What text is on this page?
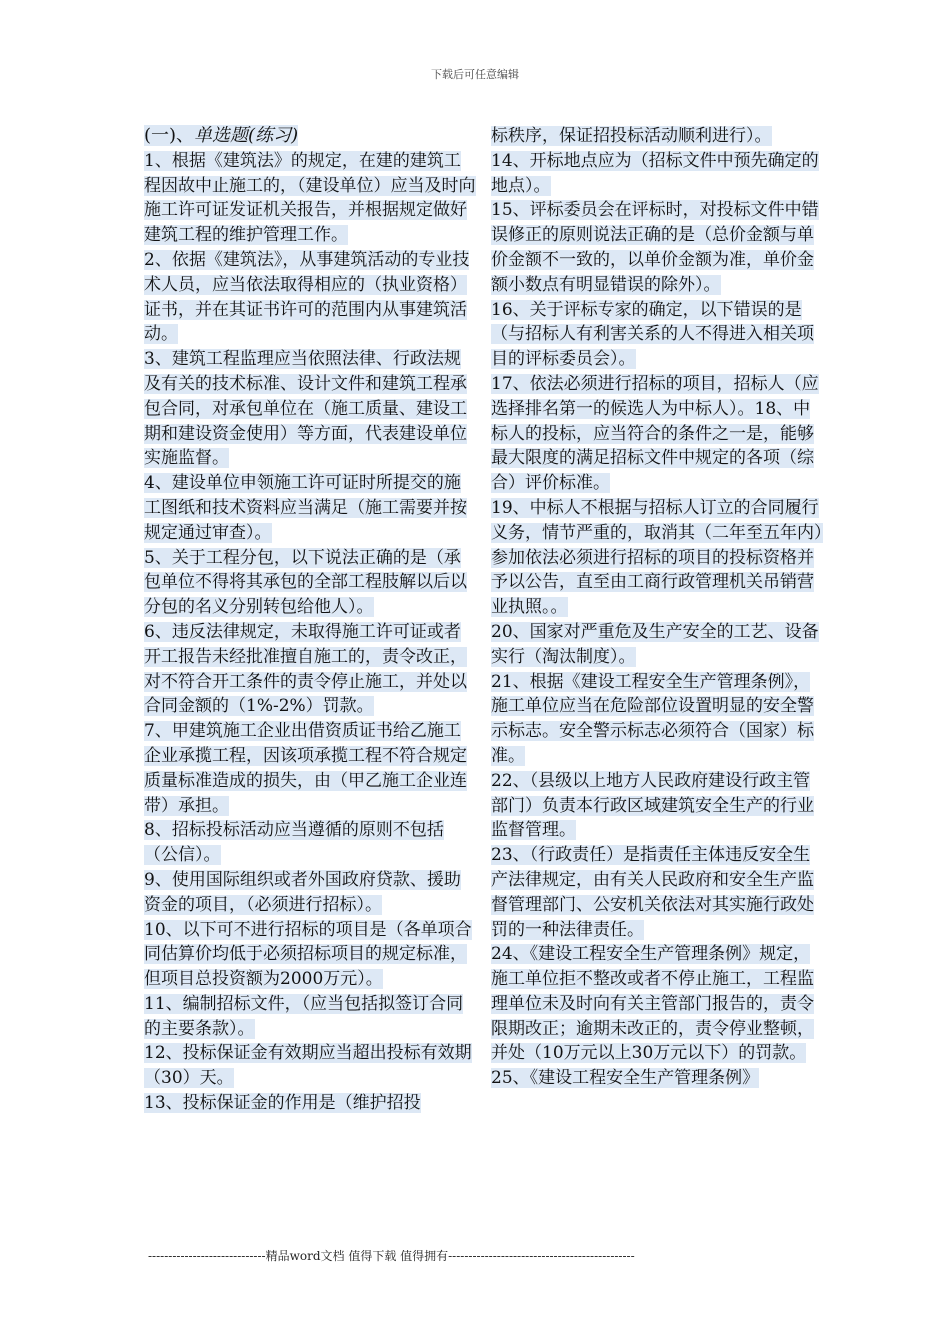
下载后可任意编辑

(一)、单选题(练习)

1、根据《建筑法》的规定，在建的建筑工程因故中止施工的，（建设单位）应当及时向施工许可证发证机关报告，并根据规定做好建筑工程的维护管理工作。

2、依据《建筑法》，从事建筑活动的专业技术人员，应当依法取得相应的（执业资格）证书，并在其证书许可的范围内从事建筑活动。

3、建筑工程监理应当依照法律、行政法规及有关的技术标准、设计文件和建筑工程承包合同，对承包单位在（施工质量、建设工期和建设资金使用）等方面，代表建设单位实施监督。

4、建设单位申领施工许可证时所提交的施工图纸和技术资料应当满足（施工需要并按规定通过审查）。

5、关于工程分包，以下说法正确的是（承包单位不得将其承包的全部工程肢解以后以分包的名义分别转包给他人）。

6、违反法律规定，未取得施工许可证或者开工报告未经批准擅自施工的，责令改正，对不符合开工条件的责令停止施工，并处以合同金额的（1%-2%）罚款。

7、甲建筑施工企业出借资质证书给乙施工企业承揽工程，因该项承揽工程不符合规定质量标准造成的损失，由（甲乙施工企业连带）承担。

8、招标投标活动应当遵循的原则不包括（公信）。

9、使用国际组织或者外国政府贷款、援助资金的项目，（必须进行招标）。

10、以下可不进行招标的项目是（各单项合同估算价均低于必须招标项目的规定标准，但项目总投资额为2000万元）。

11、编制招标文件，（应当包括拟签订合同的主要条款）。

12、投标保证金有效期应当超出投标有效期（30）天。

13、投标保证金的作用是（维护招投

标秩序，保证招投标活动顺利进行）。

14、开标地点应为（招标文件中预先确定的地点）。

15、评标委员会在评标时，对投标文件中错误修正的原则说法正确的是（总价金额与单价金额不一致的，以单价金额为准，单价金额小数点有明显错误的除外）。

16、关于评标专家的确定，以下错误的是（与招标人有利害关系的人不得进入相关项目的评标委员会）。

17、依法必须进行招标的项目，招标人（应选择排名第一的候选人为中标人）。18、中标人的投标，应当符合的条件之一是，能够最大限度的满足招标文件中规定的各项（综合）评价标准。

19、中标人不根据与招标人订立的合同履行义务，情节严重的，取消其（二年至五年内）参加依法必须进行招标的项目的投标资格并予以公告，直至由工商行政管理机关吊销营业执照。。

20、国家对严重危及生产安全的工艺、设备实行（淘汰制度）。

21、根据《建设工程安全生产管理条例》，施工单位应当在危险部位设置明显的安全警示标志。安全警示标志必须符合（国家）标准。

22、（县级以上地方人民政府建设行政主管部门）负责本行政区域建筑安全生产的行业监督管理。

23、（行政责任）是指责任主体违反安全生产法律规定，由有关人民政府和安全生产监督管理部门、公安机关依法对其实施行政处罚的一种法律责任。

24、《建设工程安全生产管理条例》规定，施工单位拒不整改或者不停止施工，工程监理单位未及时向有关主管部门报告的，责令限期改正；逾期未改正的，责令停业整顿，并处（10万元以上30万元以下）的罚款。

25、《建设工程安全生产管理条例》

-----------------------------精品word文档 值得下载 值得拥有----------------------------------------------
